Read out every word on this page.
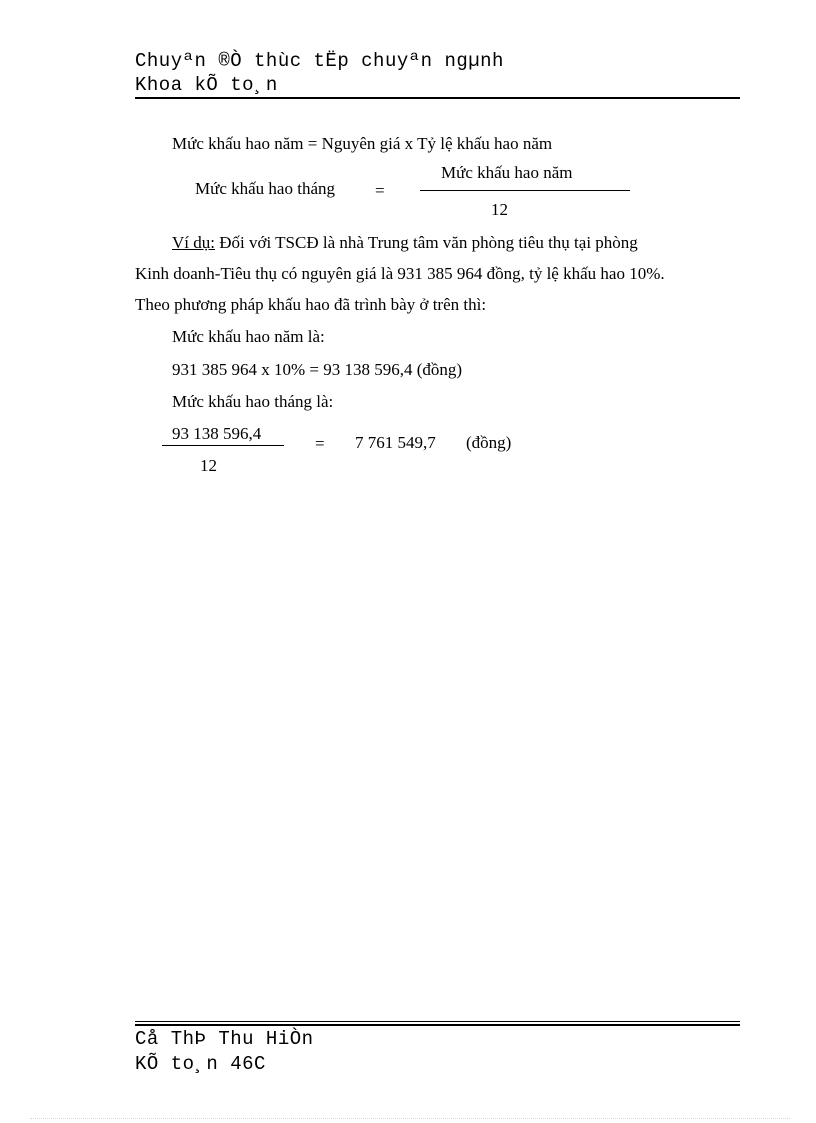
Chuyªn ®Ò thùc tËp chuyªn ngµnh
Khoa kÕ to¸n
Mức khấu hao năm = Nguyên giá x Tỷ lệ khấu hao năm
Mức khấu hao tháng =
Mức khấu hao năm
12
Ví dụ: Đối với TSCĐ là nhà Trung tâm văn phòng tiêu thụ tại phòng
Kinh doanh-Tiêu thụ có nguyên giá là 931 385 964 đồng, tỷ lệ khấu hao 10%.
Theo phương pháp khấu hao đã trình bày ở trên thì:
Mức khấu hao năm là:
931 385 964 x 10% = 93 138 596,4 (đồng)
Mức khấu hao tháng là:
93 138 596,4
12
= 7 761 549,7 (đồng)
Cå ThÞ Thu HiÒn
KÕ to¸n 46C
